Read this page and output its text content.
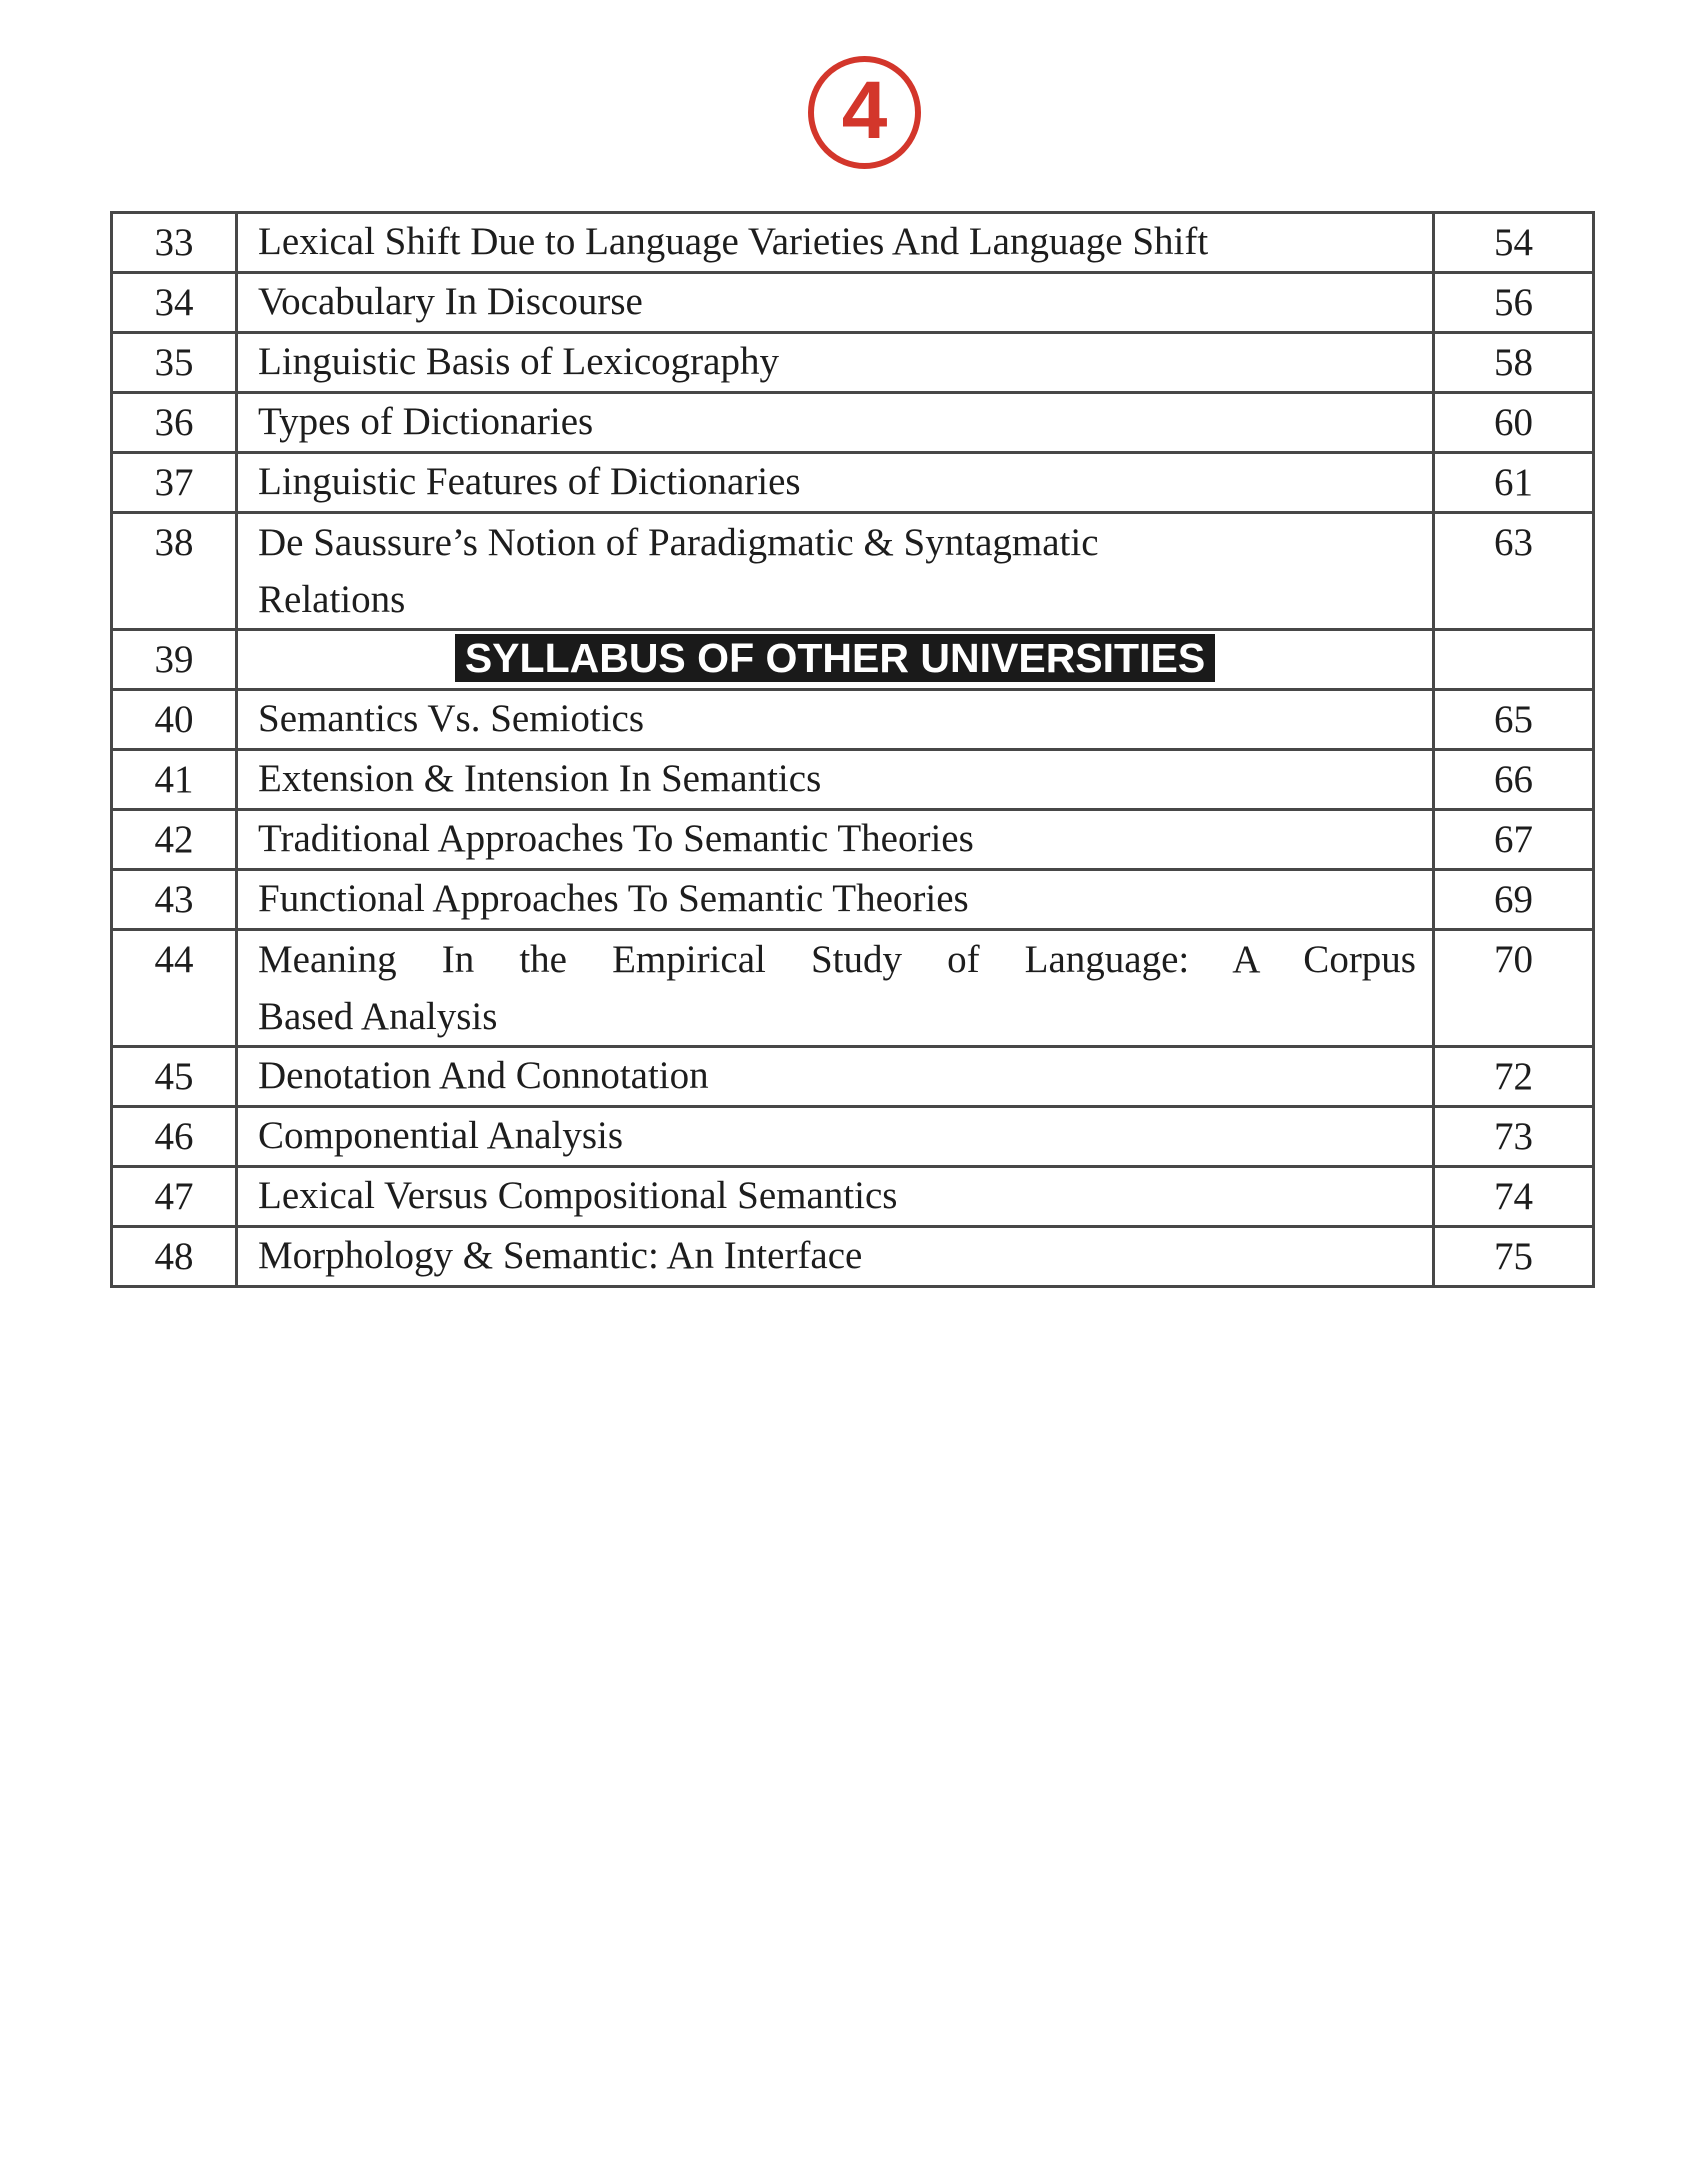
4
33	Lexical Shift Due to Language Varieties And Language Shift	54
34	Vocabulary In Discourse	56
35	Linguistic Basis of Lexicography	58
36	Types of Dictionaries	60
37	Linguistic Features of Dictionaries	61
38	De Saussure’s Notion of Paradigmatic & Syntagmatic
Relations	63
39	SYLLABUS OF OTHER UNIVERSITIES	

40	Semantics Vs. Semiotics	65
41	Extension & Intension In Semantics	66
42	Traditional Approaches To Semantic Theories	67
43	Functional Approaches To Semantic Theories	69
44	Meaning In the Empirical Study of Language: A Corpus
Based Analysis	70
45	Denotation And Connotation	72
46	Componential Analysis	73
47	Lexical Versus Compositional Semantics	74
48	Morphology & Semantic: An Interface	75
